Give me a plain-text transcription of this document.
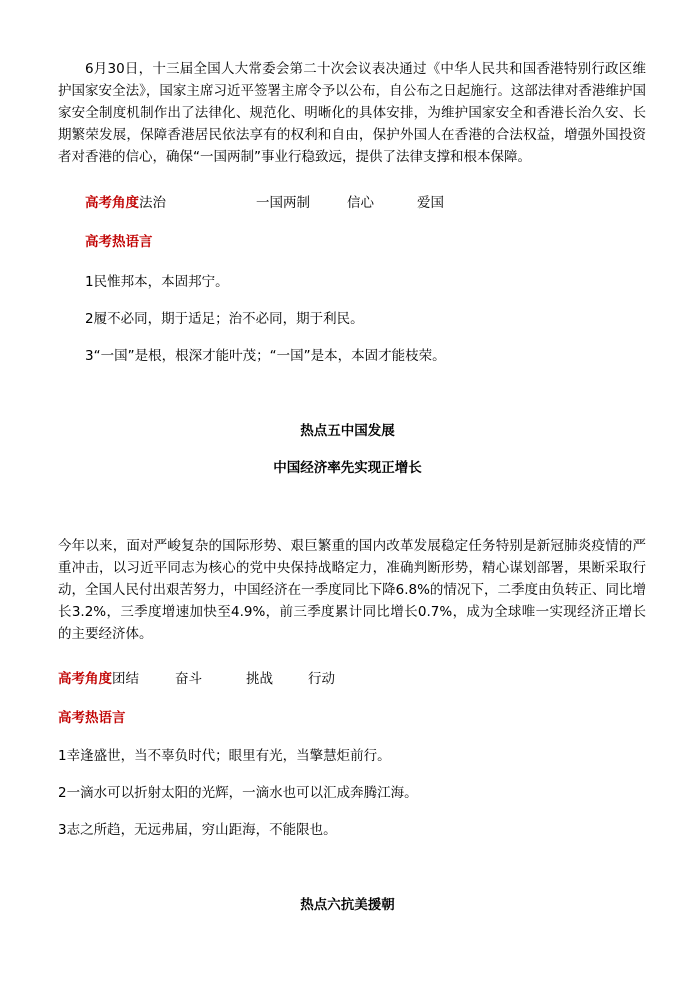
6月30日，十三届全国人大常委会第二十次会议表决通过《中华人民共和国香港特别行政区维护国家安全法》，国家主席习近平签署主席令予以公布，自公布之日起施行。这部法律对香港维护国家安全制度机制作出了法律化、规范化、明晰化的具体安排，为维护国家安全和香港长治久安、长期繁荣发展，保障香港居民依法享有的权利和自由，保护外国人在香港的合法权益，增强外国投资者对香港的信心，确保“一国两制”事业行稳致远，提供了法律支撑和根本保障。
高考角度法治	一国两制	信心	爱国
高考热语言
1民惟邦本，本固邦宁。
2履不必同，期于适足；治不必同，期于利民。
3“一国”是根，根深才能叶茂；“一国”是本，本固才能枝荣。
热点五中国发展
中国经济率先实现正增长
今年以来，面对严峻复杂的国际形势、艰巨繁重的国内改革发展稳定任务特别是新冠肺炎疫情的严重冲击，以习近平同志为核心的党中央保持战略定力，准确判断形势，精心谋划部署，果断采取行动，全国人民付出艰苦努力，中国经济在一季度同比下降6.8%的情况下，二季度由负转正、同比增长3.2%，三季度增速加快至4.9%，前三季度累计同比增长0.7%，成为全球唯一实现经济正增长的主要经济体。
高考角度团结	奋斗	挑战	行动
高考热语言
1幸逢盛世，当不辜负时代；眼里有光，当擎慧炬前行。
2一滴水可以折射太阳的光辉，一滴水也可以汇成奔腾江海。
3志之所趋，无远弗届，穷山距海，不能限也。
热点六抗美援朝
